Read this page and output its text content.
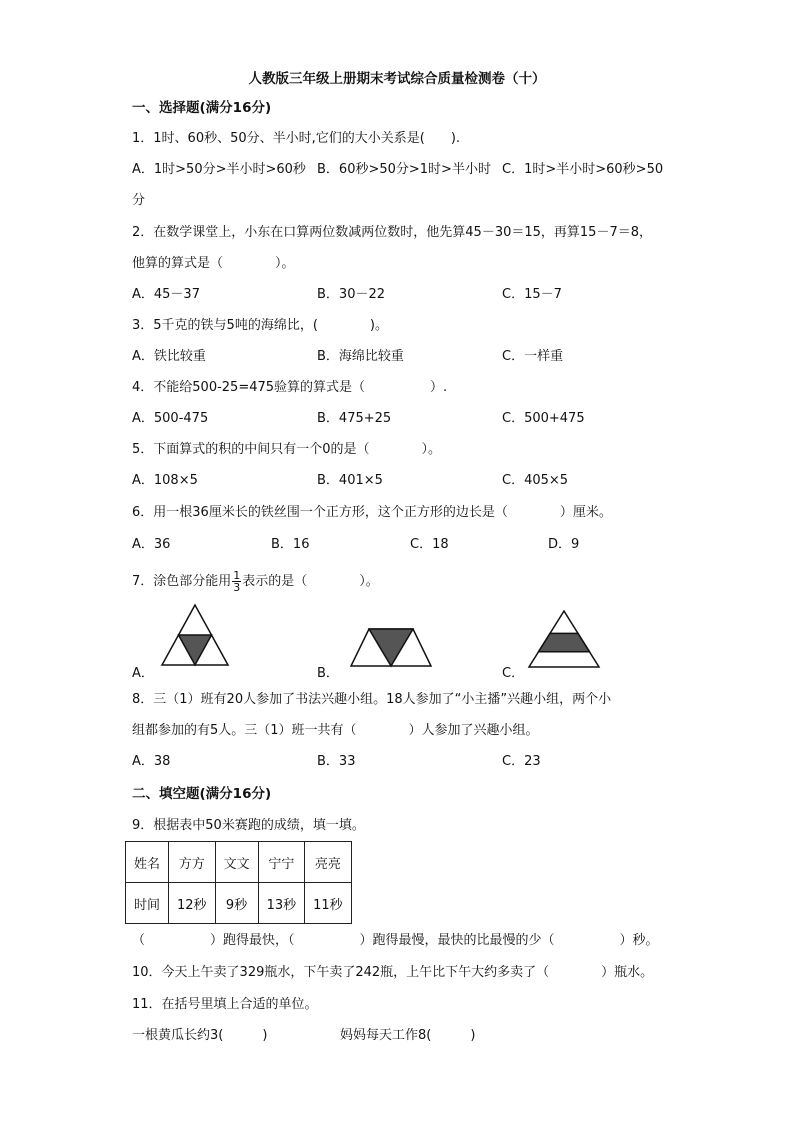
人教版三年级上册期末考试综合质量检测卷（十）
一、选择题(满分16分)
1．1时、60秒、50分、半小时,它们的大小关系是(　　).
A．1时>50分>半小时>60秒 B．60秒>50分>1时>半小时 C．1时>半小时>60秒>50
分
2．在数学课堂上，小东在口算两位数减两位数时，他先算45－30＝15，再算15－7＝8，
他算的算式是（　　　　）。
A．45－37	B．30－22	C．15－7
3．5千克的铁与5吨的海绵比，(　　　　)。
A．铁比较重	B．海绵比较重	C．一样重
4．不能给500-25=475验算的算式是（　　　　　）.
A．500-475	B．475+25	C．500+475
5．下面算式的积的中间只有一个0的是（　　　　）。
A．108×5	B．401×5	C．405×5
6．用一根36厘米长的铁丝围一个正方形，这个正方形的边长是（　　　　）厘米。
A．36	B．16	C．18	D．9
7．涂色部分能用 $\frac{1}{3}$ 表示的是（　　　　）。
A．	B．	C．
8．三（1）班有20人参加了书法兴趣小组。18人参加了“小主播”兴趣小组，两个小
组都参加的有5人。三（1）班一共有（　　　　）人参加了兴趣小组。
A．38	B．33	C．23
二、填空题(满分16分)
9．根据表中50米赛跑的成绩，填一填。
姓名	方方	文文	宁宁	亮亮
时间	12秒	9秒	13秒	11秒
（　　　　　）跑得最快，（　　　　　）跑得最慢，最快的比最慢的少（　　　　　）秒。
10．今天上午卖了329瓶水，下午卖了242瓶，上午比下午大约多卖了（　　　　）瓶水。
11．在括号里填上合适的单位。
一根黄瓜长约3(　　　)	妈妈每天工作8(　　　)
